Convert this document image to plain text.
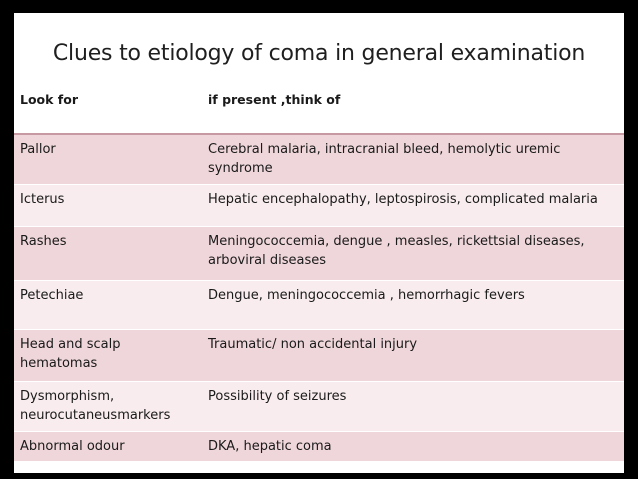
Clues to etiology of coma in general examination
Look for	if present ,think of
Pallor	Cerebral malaria, intracranial bleed, hemolytic uremic syndrome
Icterus	Hepatic encephalopathy, leptospirosis, complicated malaria
Rashes	Meningococcemia, dengue , measles, rickettsial diseases, arboviral diseases
Petechiae	Dengue, meningococcemia , hemorrhagic fevers
Head and scalp hematomas	Traumatic/ non accidental injury
Dysmorphism, neurocutaneusmarkers	Possibility of seizures
Abnormal odour	DKA, hepatic coma
